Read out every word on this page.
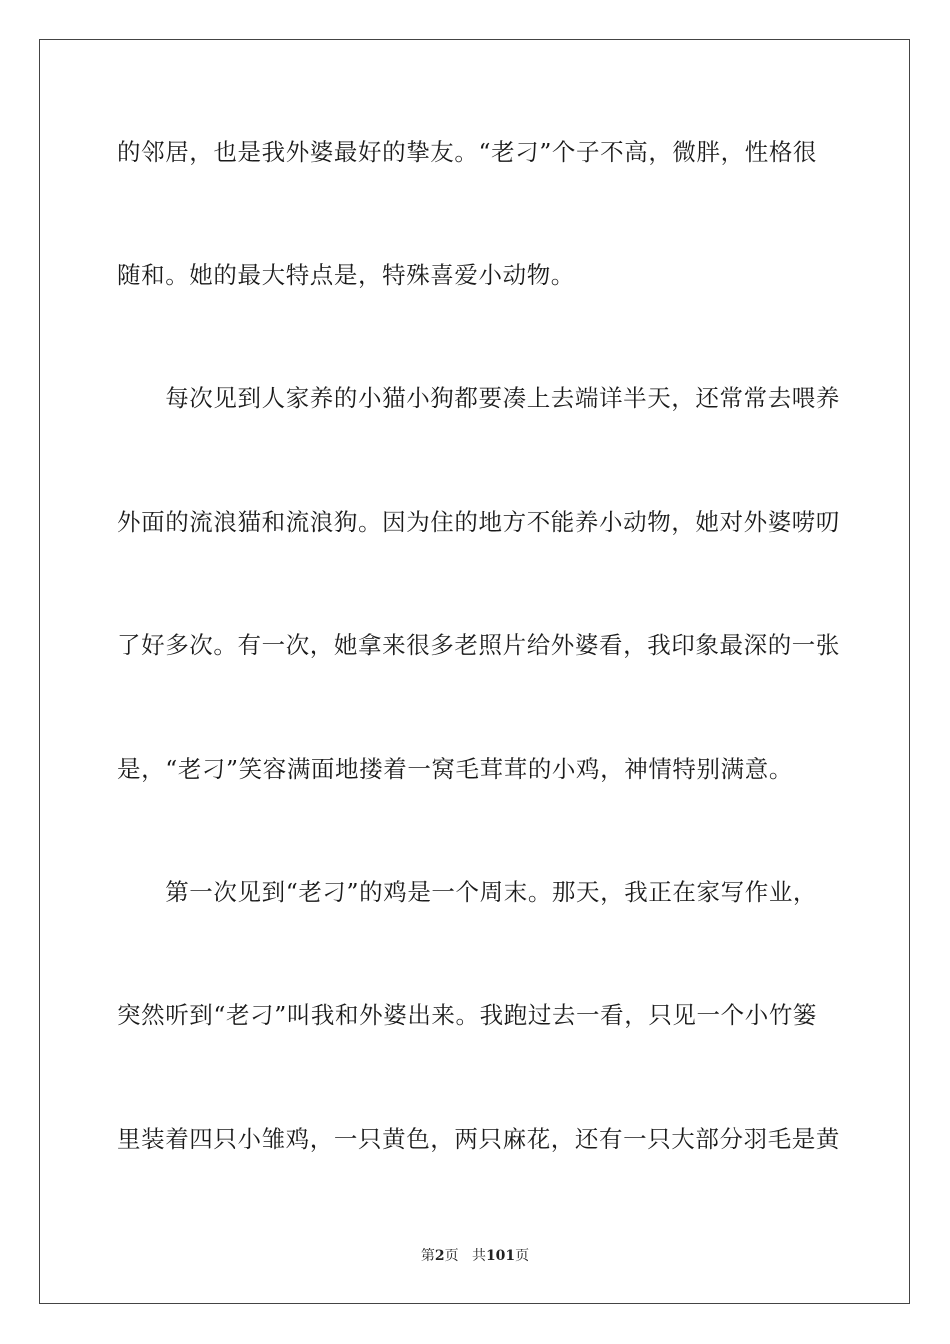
的邻居，也是我外婆最好的挚友。“老刁”个子不高，微胖，性格很
随和。她的最大特点是，特殊喜爱小动物。
　　每次见到人家养的小猫小狗都要凑上去端详半天，还常常去喂养
外面的流浪猫和流浪狗。因为住的地方不能养小动物，她对外婆唠叨
了好多次。有一次，她拿来很多老照片给外婆看，我印象最深的一张
是，“老刁”笑容满面地搂着一窝毛茸茸的小鸡，神情特别满意。
　　第一次见到“老刁”的鸡是一个周末。那天，我正在家写作业，
突然听到“老刁”叫我和外婆出来。我跑过去一看，只见一个小竹篓
里装着四只小雏鸡，一只黄色，两只麻花，还有一只大部分羽毛是黄
第2页 共101页
